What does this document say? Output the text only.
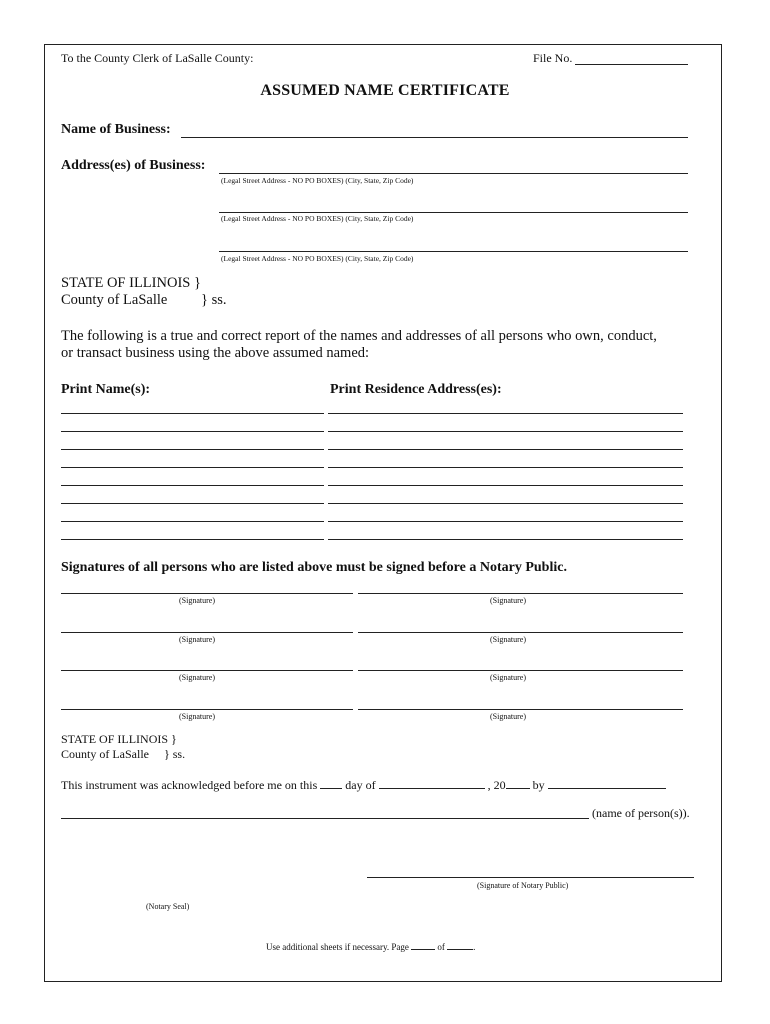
To the County Clerk of LaSalle County:	File No.
ASSUMED NAME CERTIFICATE
Name of Business:
Address(es) of Business:
(Legal Street Address - NO PO BOXES) (City, State, Zip Code)
(Legal Street Address - NO PO BOXES) (City, State, Zip Code)
(Legal Street Address - NO PO BOXES) (City, State, Zip Code)
STATE OF ILLINOIS }
County of LaSalle } ss.
The following is a true and correct report of the names and addresses of all persons who own, conduct,
or transact business using the above assumed named:
Print Name(s):	Print Residence Address(es):
Signatures of all persons who are listed above must be signed before a Notary Public.
(Signature)	(Signature)
(Signature)	(Signature)
(Signature)	(Signature)
(Signature)	(Signature)
STATE OF ILLINOIS }
County of LaSalle } ss.
This instrument was acknowledged before me on this day of	, 20 by
(name of person(s)).
(Signature of Notary Public)
(Notary Seal)
Use additional sheets if necessary. Page	of	.
